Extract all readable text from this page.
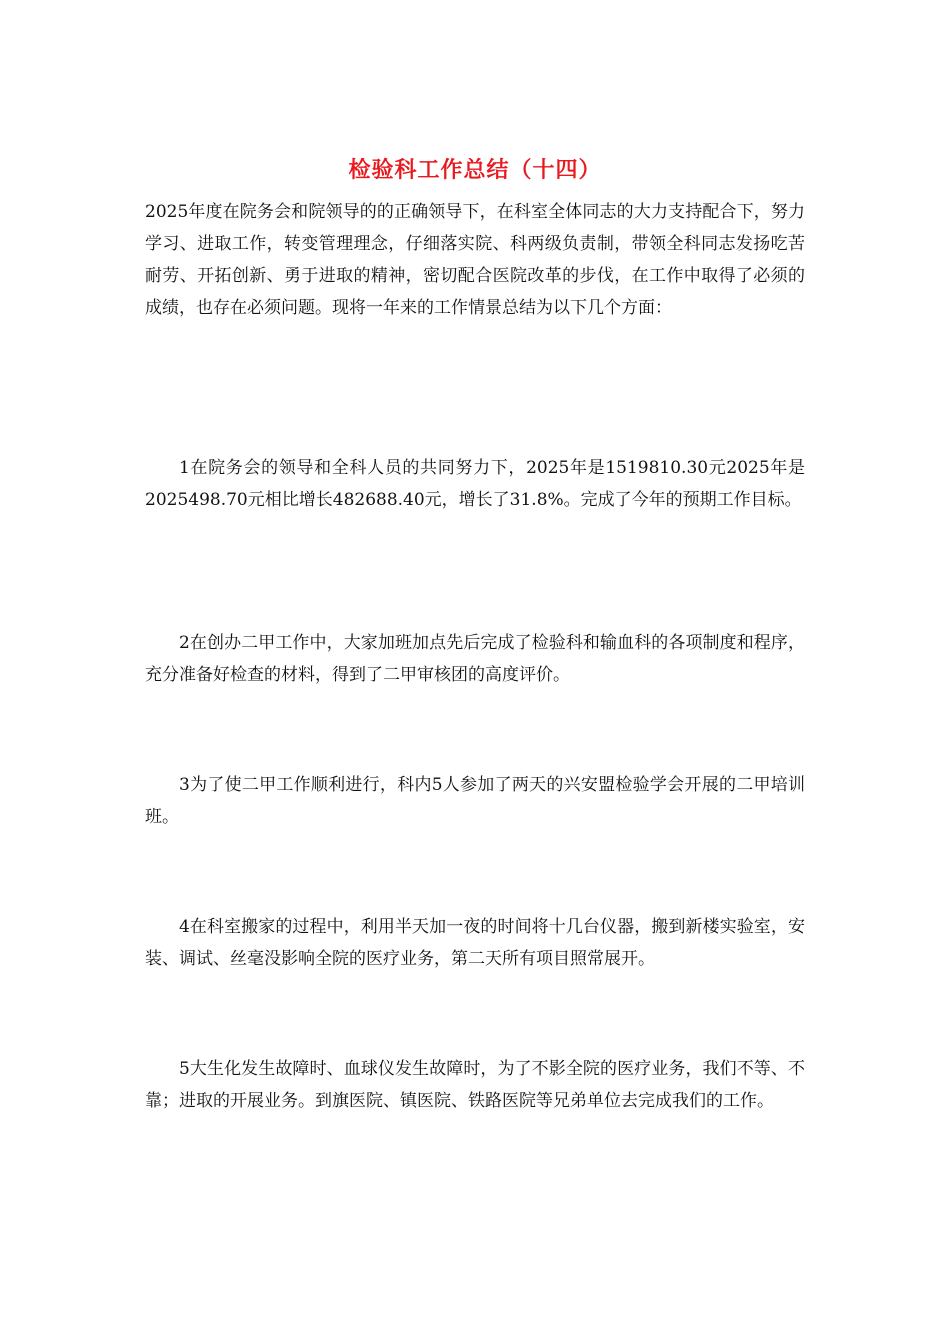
检验科工作总结（十四）

2025年度在院务会和院领导的的正确领导下，在科室全体同志的大力支持配合下，努力学习、进取工作，转变管理理念，仔细落实院、科两级负责制，带领全科同志发扬吃苦耐劳、开拓创新、勇于进取的精神，密切配合医院改革的步伐，在工作中取得了必须的成绩，也存在必须问题。现将一年来的工作情景总结为以下几个方面：

1在院务会的领导和全科人员的共同努力下，2025年是1519810.30元2025年是2025498.70元相比增长482688.40元，增长了31.8%。完成了今年的预期工作目标。

2在创办二甲工作中，大家加班加点先后完成了检验科和输血科的各项制度和程序，充分准备好检查的材料，得到了二甲审核团的高度评价。

3为了使二甲工作顺利进行，科内5人参加了两天的兴安盟检验学会开展的二甲培训班。

4在科室搬家的过程中，利用半天加一夜的时间将十几台仪器，搬到新楼实验室，安装、调试、丝毫没影响全院的医疗业务，第二天所有项目照常展开。

5大生化发生故障时、血球仪发生故障时，为了不影全院的医疗业务，我们不等、不靠；进取的开展业务。到旗医院、镇医院、铁路医院等兄弟单位去完成我们的工作。
